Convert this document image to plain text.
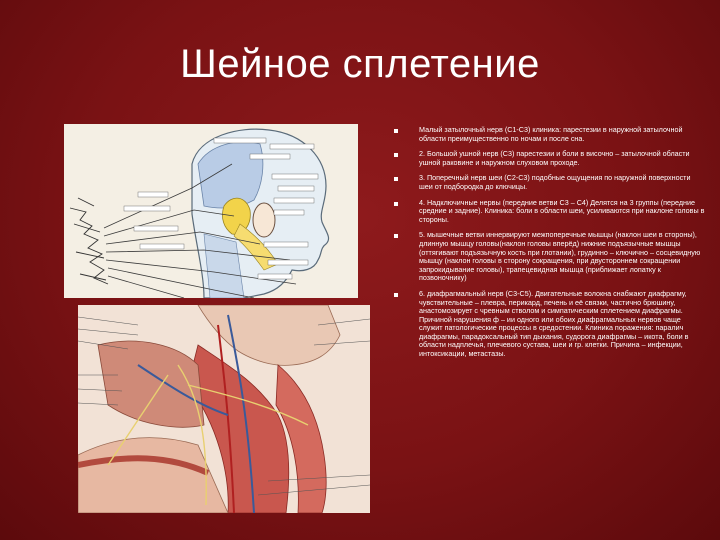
Шейное сплетение
Малый затылочный нерв (С1-С3) клиника: парестезии в наружной затылочной области преимущественно по ночам и после сна.
2. Большой ушной нерв (С3) парестезии и боли в височно – затылочной области ушной раковине и наружном слуховом проходе.
3. Поперечный нерв шеи (С2-С3) подобные ощущения по наружной поверхности шеи от подбородка до ключицы.
4. Надключичные нервы (передние ветви С3 – С4) Делятся на 3 группы (передние средние и задние). Клиника: боли в области шеи, усиливаются при наклоне головы в стороны.
5. мышечные ветви иннервируют межпоперечные мышцы (наклон шеи в стороны), длинную мышцу головы(наклон головы вперёд) нижние подъязычные мышцы (оттягивают подъязычную кость при глотании), грудинно – ключично – сосцевидную мышцу (наклон головы в сторону сокращения, при двустороннем сокращении запрокидывание головы), трапецевидная мышца (приближает лопатку к позвоночнику)
6. диафрагмальный нерв (С3-С5). Двигательные волокна снабжают диафрагму, чувствительные – плевра, перикард, печень и её связки, частично брюшину, анастомозирует с чревным стволом и симпатическим сплетением диафрагмы. Причиной нарушения ф – ии одного или обоих диафрагмальных нервов чаще служит патологические процессы в средостении. Клиника поражения: паралич диафрагмы, парадоксальный тип дыхания, судорога диафрагмы – икота, боли в области надплечья, плечевого сустава, шеи и гр. клетки. Причина – инфекции, интоксикации, метастазы.
